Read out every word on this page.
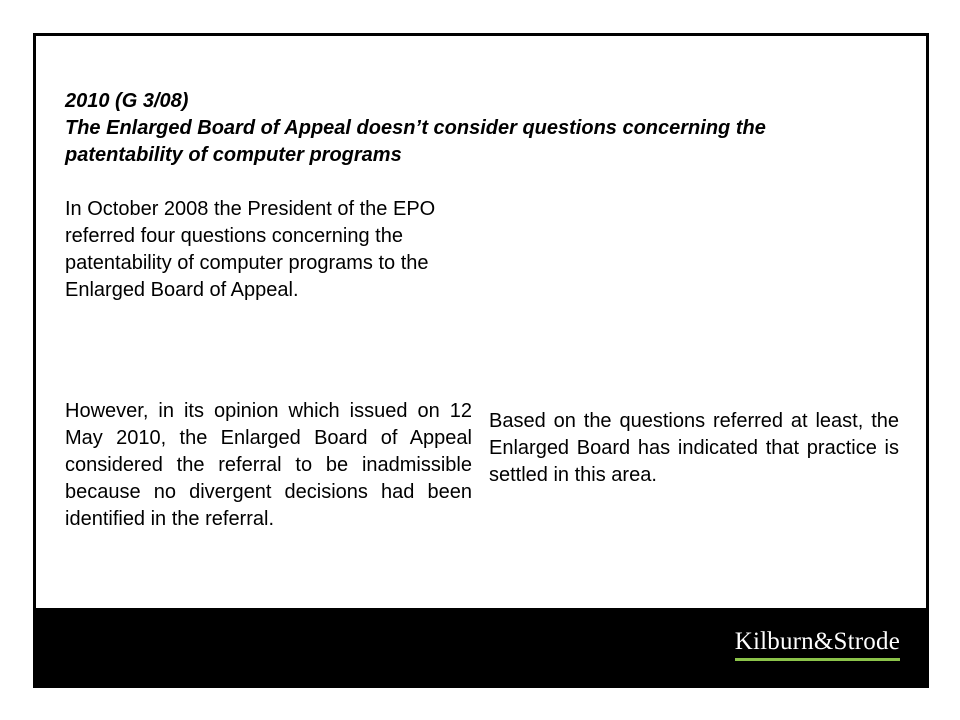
2010 (G 3/08)
The Enlarged Board of Appeal doesn’t consider questions concerning the
patentability of computer programs
In October 2008 the President of the EPO referred four questions concerning the patentability of computer programs to the Enlarged Board of Appeal.
However, in its opinion which issued on 12 May 2010, the Enlarged Board of Appeal considered the referral to be inadmissible because no divergent decisions had been identified in the referral.
Based on the questions referred at least, the Enlarged Board has indicated that practice is settled in this area.
Kilburn&Strode
